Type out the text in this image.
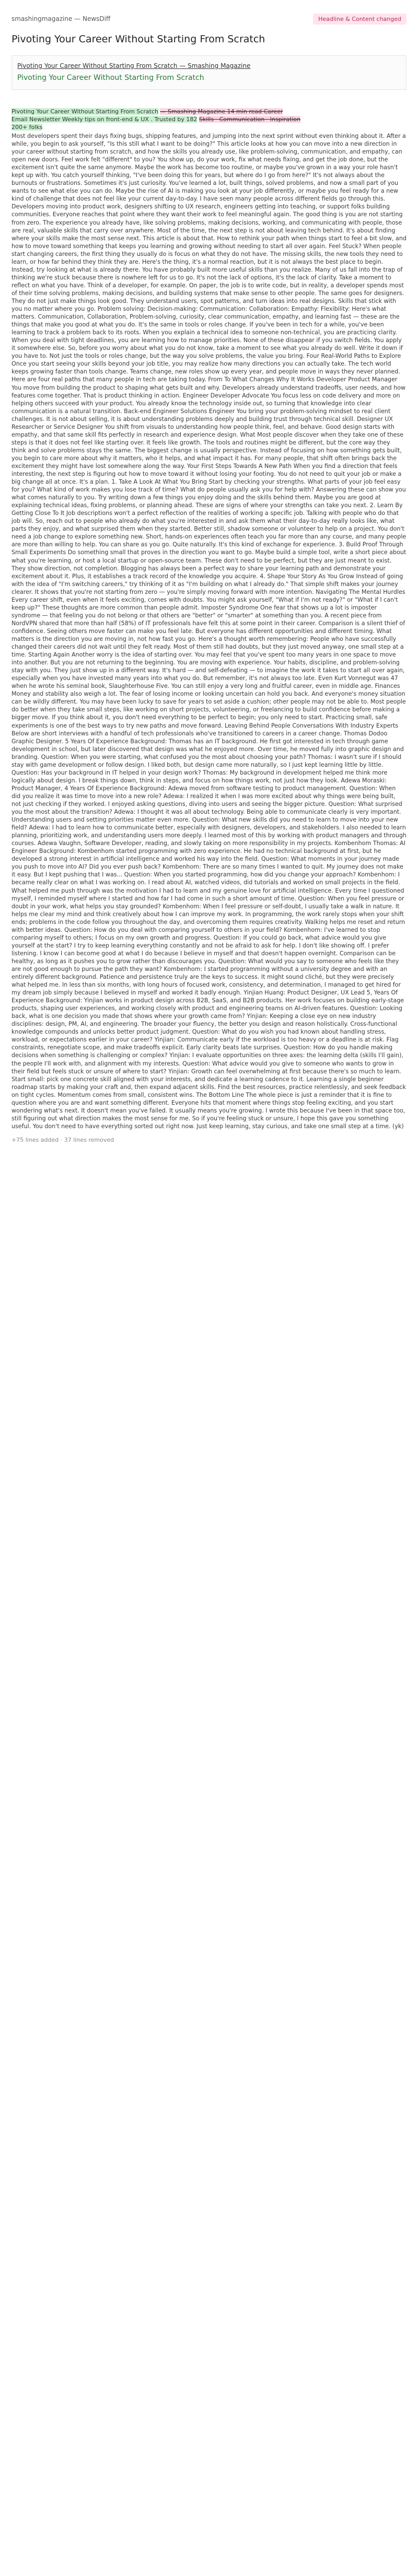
smashingmagazine — NewsDiff	Headline & Content changed
Pivoting Your Career Without Starting From Scratch
Pivoting Your Career Without Starting From Scratch — Smashing Magazine
Pivoting Your Career Without Starting From Scratch
Pivoting Your Career Without Starting From Scratch — Smashing Magazine 14 min read Career
Email Newsletter Weekly tips on front-end & UX . Trusted by 182 Skills · Communication · Inspiration
200+ folks
Most developers spent their days fixing bugs, shipping features, and jumping into the next sprint without even thinking about it. After a while, you begin to ask yourself, "Is this still what I want to be doing?" This article looks at how you can move into a new direction in your career without starting from scratch, and how the skills you already use, like problem-solving, communication, and empathy, can open new doors. Feel work felt "different" to you? You show up, do your work, fix what needs fixing, and get the job done, but the excitement isn't quite the same anymore. Maybe the work has become too routine, or maybe you've grown in a way your role hasn't kept up with. You catch yourself thinking, "I've been doing this for years, but where do I go from here?" It's not always about the burnouts or frustrations. Sometimes it's just curiosity. You've learned a lot, built things, solved problems, and now a small part of you wants to see what else you can do. Maybe the rise of AI is making you look at your job differently, or maybe you feel ready for a new kind of challenge that does not feel like your current day-to-day. I have seen many people across different fields go through this. Developers moving into product work, designers shifting to UX research, engineers getting into teaching, or support folks building communities. Everyone reaches that point where they want their work to feel meaningful again. The good thing is you are not starting from zero. The experience you already have, like solving problems, making decisions, working, and communicating with people, those are real, valuable skills that carry over anywhere. Most of the time, the next step is not about leaving tech behind. It's about finding where your skills make the most sense next. This article is about that. How to rethink your path when things start to feel a bit slow, and how to move toward something that keeps you learning and growing without needing to start all over again. Feel Stuck? When people start changing careers, the first thing they usually do is focus on what they do not have. The missing skills, the new tools they need to learn, or how far behind they think they are. Here's the thing, it's a normal reaction, but it is not always the best place to begin. Instead, try looking at what is already there. You have probably built more useful skills than you realize. Many of us fall into the trap of thinking we're stuck because there is nowhere left for us to go. It's not the lack of options, it's the lack of clarity. Take a moment to reflect on what you have. Think of a developer, for example. On paper, the job is to write code, but in reality, a developer spends most of their time solving problems, making decisions, and building systems that make sense to other people. The same goes for designers. They do not just make things look good. They understand users, spot patterns, and turn ideas into real designs. Skills that stick with you no matter where you go. Problem solving: Decision-making: Communication: Collaboration: Empathy: Flexibility: Here's what matters. Communication, Collaboration, Problem-solving, curiosity, clear communication, empathy, and learning fast — these are the things that make you good at what you do. It's the same in tools or roles change. If you've been in tech for a while, you've been learning to track a problem back to its roots. When you explain a technical idea to someone non-technical, you are practicing clarity. When you deal with tight deadlines, you are learning how to manage priorities. None of these disappear if you switch fields. You apply it somewhere else. So, before you worry about what you do not know, take a moment to see what you already do well. Write it down if you have to. Not just the tools or roles change, but the way you solve problems, the value you bring. Four Real-World Paths to Explore Once you start seeing your skills beyond your job title, you may realize how many directions you can actually take. The tech world keeps growing faster than tools change. Teams change, new roles show up every year, and people move in ways they never planned. Here are four real paths that many people in tech are taking today. From To What Changes Why It Works Developer Product Manager You move from building the product to shaping what gets built and why. Developers already understand tradeoffs, user needs, and how features come together. That is product thinking in action. Engineer Developer Advocate You focus less on code delivery and more on helping others succeed with your product. You already know the technology inside out, so turning that knowledge into clear communication is a natural transition. Back-end Engineer Solutions Engineer You bring your problem-solving mindset to real client challenges. It is not about selling, it is about understanding problems deeply and building trust through technical skill. Designer UX Researcher or Service Designer You shift from visuals to understanding how people think, feel, and behave. Good design starts with empathy, and that same skill fits perfectly in research and experience design. What Most people discover when they take one of these steps is that it does not feel like starting over. It feels like growth. The tools and routines might be different, but the core way they think and solve problems stays the same. The biggest change is usually perspective. Instead of focusing on how something gets built, you begin to care more about why it matters, who it helps, and what impact it has. For many people, that shift often brings back the excitement they might have lost somewhere along the way. Your First Steps Towards A New Path When you find a direction that feels interesting, the next step is figuring out how to move toward it without losing your footing. You do not need to quit your job or make a big change all at once. It's a plan. 1. Take A Look At What You Bring Start by checking your strengths. What parts of your job feel easy for you? What kind of work makes you lose track of time? What do people usually ask you for help with? Answering these can show you what comes naturally to you. Try writing down a few things you enjoy doing and the skills behind them. Maybe you are good at explaining technical ideas, fixing problems, or planning ahead. These are signs of where your strengths can take you next. 2. Learn By Getting Close To It Job descriptions won't a perfect reflection of the realities of working a specific job. Talking with people who do that job will. So, reach out to people who already do what you're interested in and ask them what their day-to-day really looks like, what parts they enjoy, and what surprised them when they started. Better still, shadow someone or volunteer to help on a project. You don't need a job change to explore something new. Short, hands-on experiences often teach you far more than any course, and many people are more than willing to help. You can share as you go. Quite naturally. It's this kind of exchange for experience. 3. Build Proof Through Small Experiments Do something small that proves in the direction you want to go. Maybe build a simple tool, write a short piece about what you're learning, or host a local startup or open-source team. These don't need to be perfect, but they are just meant to exist. They show direction, not completion. Blogging has always been a perfect way to share your learning path and demonstrate your excitement about it. Plus, it establishes a track record of the knowledge you acquire. 4. Shape Your Story As You Grow Instead of going with the idea of "I'm switching careers," try thinking of it as "I'm building on what I already do." That simple shift makes your journey clearer. It shows that you're not starting from zero — you're simply moving forward with more intention. Navigating The Mental Hurdles Every career shift, even when it feels exciting, comes with doubts. You might ask yourself, "What if I'm not ready?" or "What if I can't keep up?" These thoughts are more common than people admit. Imposter Syndrome One fear that shows up a lot is imposter syndrome — that feeling you do not belong or that others are "better" or "smarter" at something than you. A recent piece from NordVPN shared that more than half (58%) of IT professionals have felt this at some point in their career. Comparison is a silent thief of confidence. Seeing others move faster can make you feel late. But everyone has different opportunities and different timing. What matters is the direction you are moving in, not how fast you go. Here's a thought worth remembering: People who have successfully changed their careers did not wait until they felt ready. Most of them still had doubts, but they just moved anyway, one small step at a time. Starting Again Another worry is the idea of starting over. You may feel that you've spent too many years in one space to move into another. But you are not returning to the beginning. You are moving with experience. Your habits, discipline, and problem-solving stay with you. They just show up in a different way. It's hard — and self-defeating — to imagine the work it takes to start all over again, especially when you have invested many years into what you do. But remember, it's not always too late. Even Kurt Vonnegut was 47 when he wrote his seminal book, Slaughterhouse Five. You can still enjoy a very long and fruitful career, even in middle age. Finances Money and stability also weigh a lot. The fear of losing income or looking uncertain can hold you back. And everyone's money situation can be wildly different. You may have been lucky to save for years to set aside a cushion; other people may not be able to. Most people do better when they take small steps, like working on short projects, volunteering, or freelancing to build confidence before making a bigger move. If you think about it, you don't need everything to be perfect to begin; you only need to start. Practicing small, safe experiments is one of the best ways to try new paths and move forward. Leaving Behind People Conversations With Industry Experts Below are short interviews with a handful of tech professionals who've transitioned to careers in a career change. Thomas Dodoo Graphic Designer. 5 Years Of Experience Background: Thomas has an IT background. He first got interested in tech through game development in school, but later discovered that design was what he enjoyed more. Over time, he moved fully into graphic design and branding. Question: When you were starting, what confused you the most about choosing your path? Thomas: I wasn't sure if I should stay with game development or follow design. I liked both, but design came more naturally, so I just kept learning little by little. Question: Has your background in IT helped in your design work? Thomas: My background in development helped me think more logically about design. I break things down, think in steps, and focus on how things work, not just how they look. Adewa Moraski: Product Manager, 4 Years Of Experience Background: Adewa moved from software testing to product management. Question: When did you realize it was time to move into a new role? Adewa: I realized it when I was more excited about why things were being built, not just checking if they worked. I enjoyed asking questions, diving into users and seeing the bigger picture. Question: What surprised you the most about the transition? Adewa: I thought it was all about technology. Being able to communicate clearly is very important. Understanding users and setting priorities matter even more. Question: What new skills did you need to learn to move into your new field? Adewa: I had to learn how to communicate better, especially with designers, developers, and stakeholders. I also needed to learn planning, prioritizing work, and understanding users more deeply. I learned most of this by working with product managers and through courses. Adewa Vaughn, Software Developer, reading, and slowly taking on more responsibility in my projects. Kombenhom Thomas: AI Engineer Background: Kombenhom started programming with zero experience. He had no technical background at first, but he developed a strong interest in artificial intelligence and worked his way into the field. Question: What moments in your journey made you push to move into AI? Did you ever push back? Kombenhom: There are so many times I wanted to quit. My journey does not make it easy. But I kept pushing that I was... Question: When you started programming, how did you change your approach? Kombenhom: I became really clear on what I was working on. I read about AI, watched videos, did tutorials and worked on small projects in the field. What helped me push through was the motivation I had to learn and my genuine love for artificial intelligence. Every time I questioned myself, I reminded myself where I started and how far I had come in such a short amount of time. Question: When you feel pressure or doubt in your work, what helps you stay grounded? Kombenhom: When I feel pressure or self-doubt, I usually take a walk in nature. It helps me clear my mind and think creatively about how I can improve my work. In programming, the work rarely stops when your shift ends; problems in the code follow you throughout the day, and overcoming them requires creativity. Walking helps me reset and return with better ideas. Question: How do you deal with comparing yourself to others in your field? Kombenhom: I've learned to stop comparing myself to others; I focus on my own growth and progress. Question: If you could go back, what advice would you give yourself at the start? I try to keep learning everything constantly and not be afraid to ask for help. I don't like showing off. I prefer listening. I know I can become good at what I do because I believe in myself and that doesn't happen overnight. Comparison can be healthy, as long as it pushes you to grow rather than discourages you. Question: What would you say to someone who feels like they are not good enough to pursue the path they want? Kombenhom: I started programming without a university degree and with an entirely different background. Patience and persistence truly are the keys to success. It might sound cliché, but they were precisely what helped me. In less than six months, with long hours of focused work, consistency, and determination, I managed to get hired for my dream job simply because I believed in myself and worked it badly enough. Yinjian Huang: Product Designer, UX Lead 5, Years Of Experience Background: Yinjian works in product design across B2B, SaaS, and B2B products. Her work focuses on building early-stage products, shaping user experiences, and working closely with product and engineering teams on AI-driven features. Question: Looking back, what is one decision you made that shows where your growth came from? Yinjian: Keeping a close eye on new industry disciplines: design, PM, AI, and engineering. The broader your fluency, the better you design and reason holistically. Cross-functional knowledge compounds and unlocks better product judgment. Question: What do you wish you had known about handling stress, workload, or expectations earlier in your career? Yinjian: Communicate early if the workload is too heavy or a deadline is at risk. Flag constraints, renegotiate scope, and make tradeoffs explicit. Early clarity beats late surprises. Question: How do you handle making decisions when something is challenging or complex? Yinjian: I evaluate opportunities on three axes: the learning delta (skills I'll gain), the people I'll work with, and alignment with my interests. Question: What advice would you give to someone who wants to grow in their field but feels stuck or unsure of where to start? Yinjian: Growth can feel overwhelming at first because there's so much to learn. Start small: pick one concrete skill aligned with your interests, and dedicate a learning cadence to it. Learning a single beginner roadmap starts by making your craft and, then expand adjacent skills. Find the best resources, practice relentlessly, and seek feedback on tight cycles. Momentum comes from small, consistent wins. The Bottom Line The whole piece is just a reminder that it is fine to question where you are and want something different. Everyone hits that moment where things stop feeling exciting, and you start wondering what's next. It doesn't mean you've failed. It usually means you're growing. I wrote this because I've been in that space too, still figuring out what direction makes the most sense for me. So if you're feeling stuck or unsure, I hope this gave you something useful. You don't need to have everything sorted out right now. Just keep learning, stay curious, and take one small step at a time. (yk)
+75 lines added· 37 lines removed
